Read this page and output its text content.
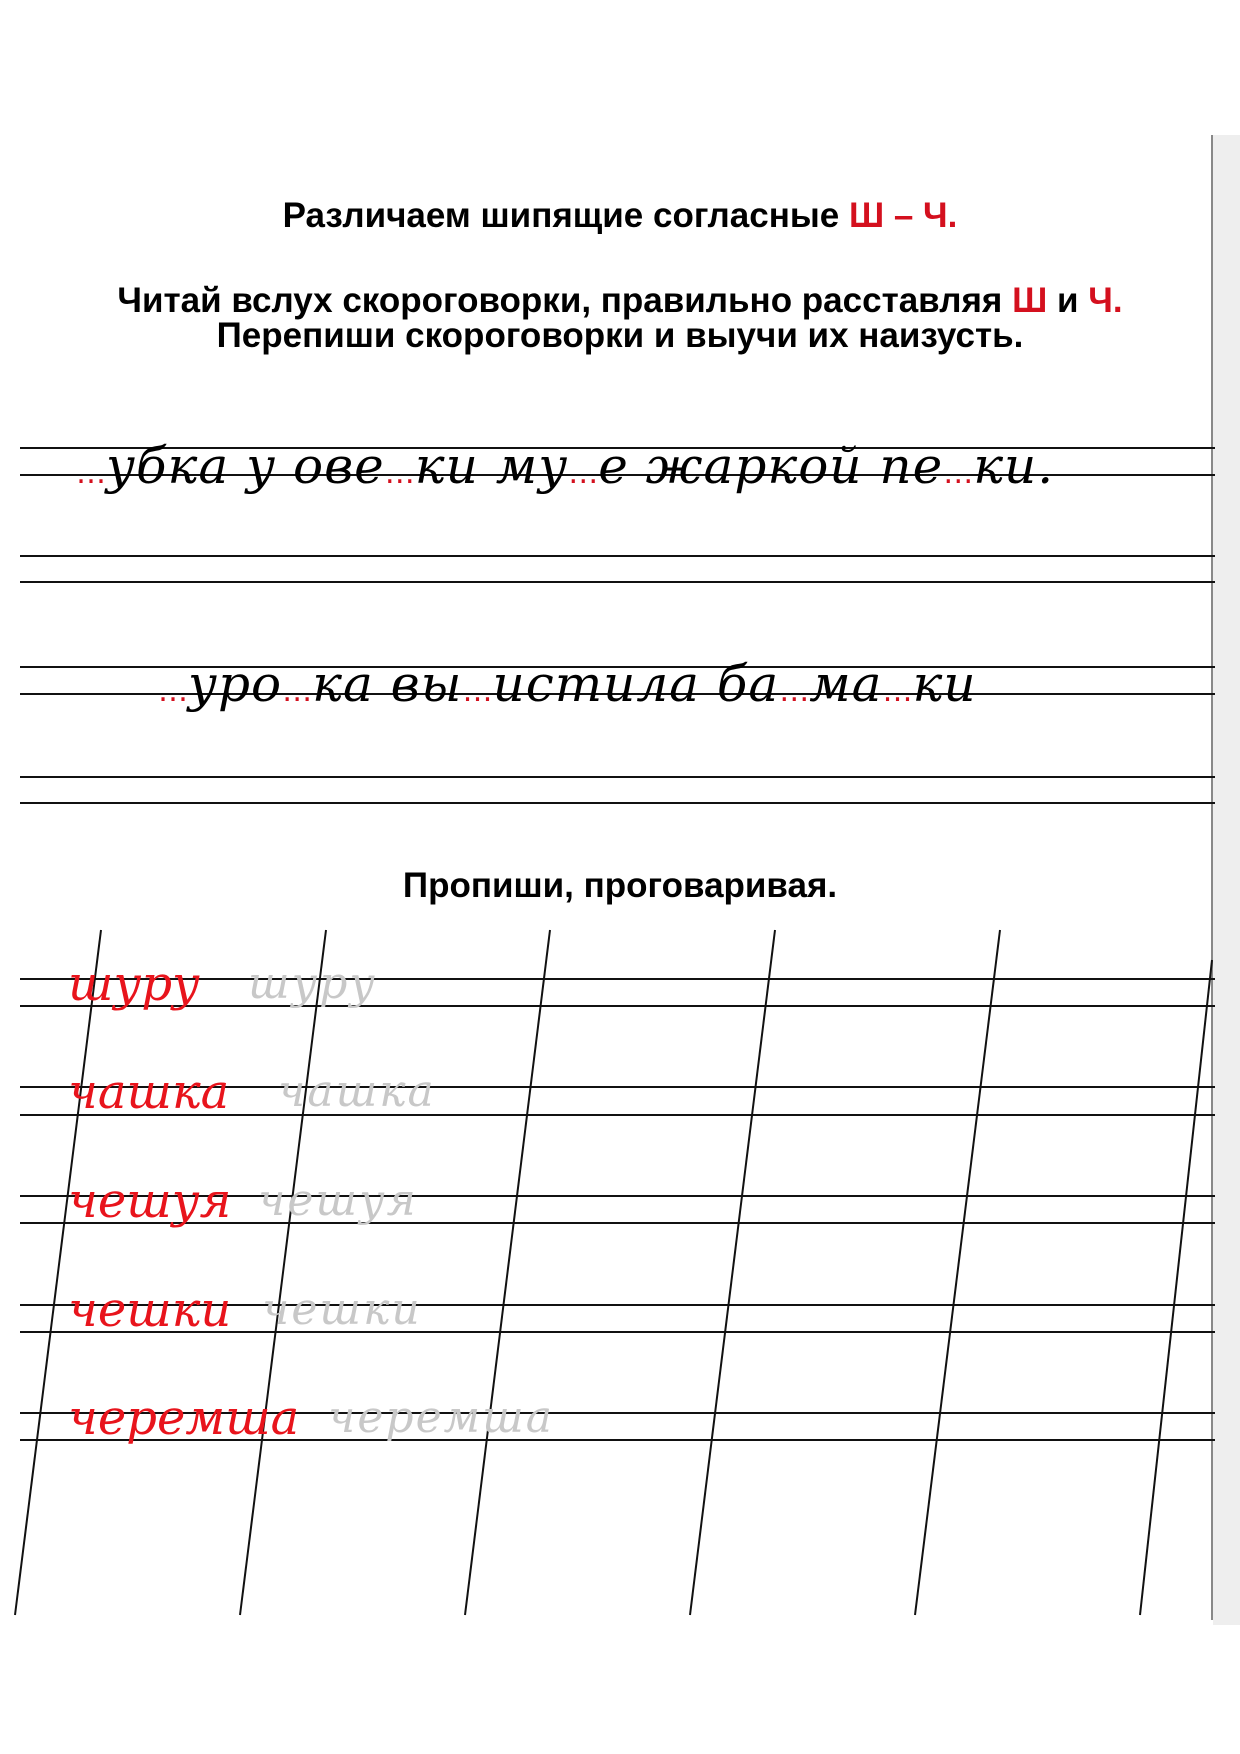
Различаем шипящие согласные Ш – Ч.
Читай вслух скороговорки, правильно расставляя Ш и Ч.
Перепиши скороговорки и выучи их наизусть.
…убка у ове…ки му…е жаркой пе…ки.
…уро…ка вы…истила ба…ма…ки
Пропиши, проговаривая.
шуру шуру
чашка чашка
чешуя чешуя
чешки чешки
черемша черемша
